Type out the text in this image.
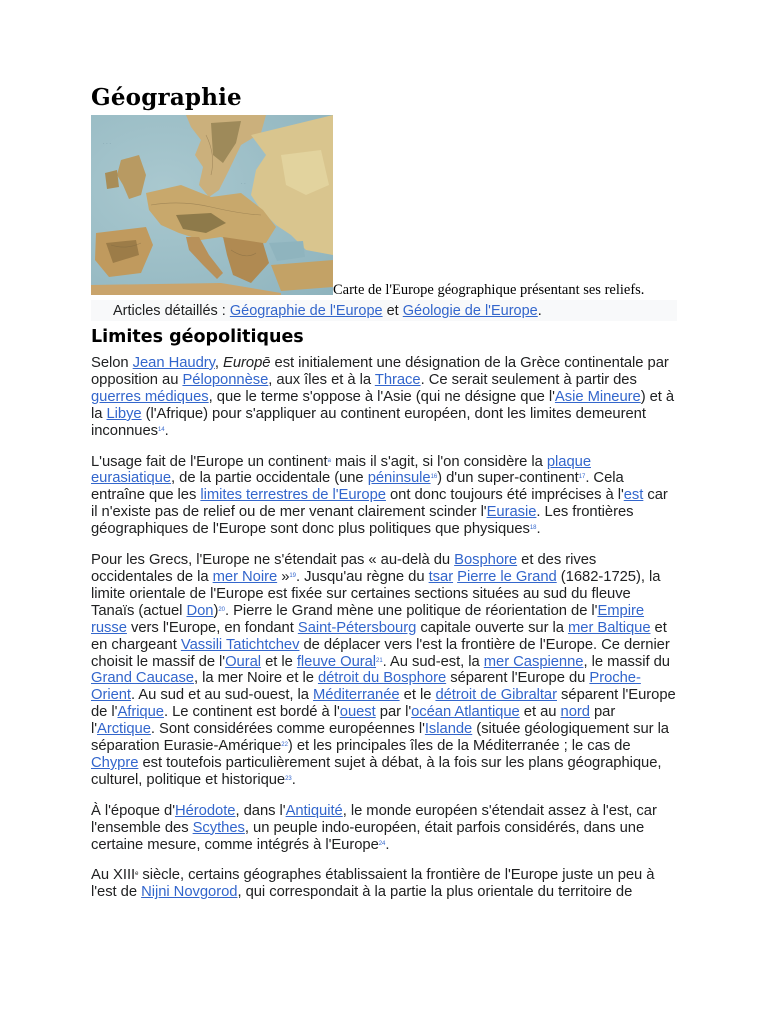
Géographie
· · ·
· ·
Carte de l'Europe géographique présentant ses reliefs.
Articles détaillés : Géographie de l'Europe et Géologie de l'Europe.
Limites géopolitiques

Selon Jean Haudry, Europē est initialement une désignation de la Grèce continentale par opposition au Péloponnèse, aux îles et à la Thrace. Ce serait seulement à partir des guerres médiques, que le terme s'oppose à l'Asie (qui ne désigne que l'Asie Mineure) et à la Libye (l'Afrique) pour s'appliquer au continent européen, dont les limites demeurent inconnues$^{14}$.

L'usage fait de l'Europe un continent$^a$ mais il s'agit, si l'on considère la plaque eurasiatique, de la partie occidentale (une péninsule$^{16}$) d'un super-continent$^{17}$. Cela entraîne que les limites terrestres de l'Europe ont donc toujours été imprécises à l'est car il n'existe pas de relief ou de mer venant clairement scinder l'Eurasie. Les frontières géographiques de l'Europe sont donc plus politiques que physiques$^{18}$.

Pour les Grecs, l'Europe ne s'étendait pas « au-delà du Bosphore et des rives occidentales de la mer Noire »$^{19}$. Jusqu'au règne du tsar Pierre le Grand (1682-1725), la limite orientale de l'Europe est fixée sur certaines sections situées au sud du fleuve Tanaïs (actuel Don)$^{20}$. Pierre le Grand mène une politique de réorientation de l'Empire russe vers l'Europe, en fondant Saint-Pétersbourg capitale ouverte sur la mer Baltique et en chargeant Vassili Tatichtchev de déplacer vers l'est la frontière de l'Europe. Ce dernier choisit le massif de l'Oural et le fleuve Oural$^{21}$. Au sud-est, la mer Caspienne, le massif du Grand Caucase, la mer Noire et le détroit du Bosphore séparent l'Europe du Proche-Orient. Au sud et au sud-ouest, la Méditerranée et le détroit de Gibraltar séparent l'Europe de l'Afrique. Le continent est bordé à l'ouest par l'océan Atlantique et au nord par l'Arctique. Sont considérées comme européennes l'Islande (située géologiquement sur la séparation Eurasie-Amérique$^{22}$) et les principales îles de la Méditerranée ; le cas de Chypre est toutefois particulièrement sujet à débat, à la fois sur les plans géographique, culturel, politique et historique$^{23}$.

À l'époque d'Hérodote, dans l'Antiquité, le monde européen s'étendait assez à l'est, car l'ensemble des Scythes, un peuple indo-européen, était parfois considérés, dans une certaine mesure, comme intégrés à l'Europe$^{24}$.

Au XIIIe siècle, certains géographes établissaient la frontière de l'Europe juste un peu à l'est de Nijni Novgorod, qui correspondait à la partie la plus orientale du territoire de
